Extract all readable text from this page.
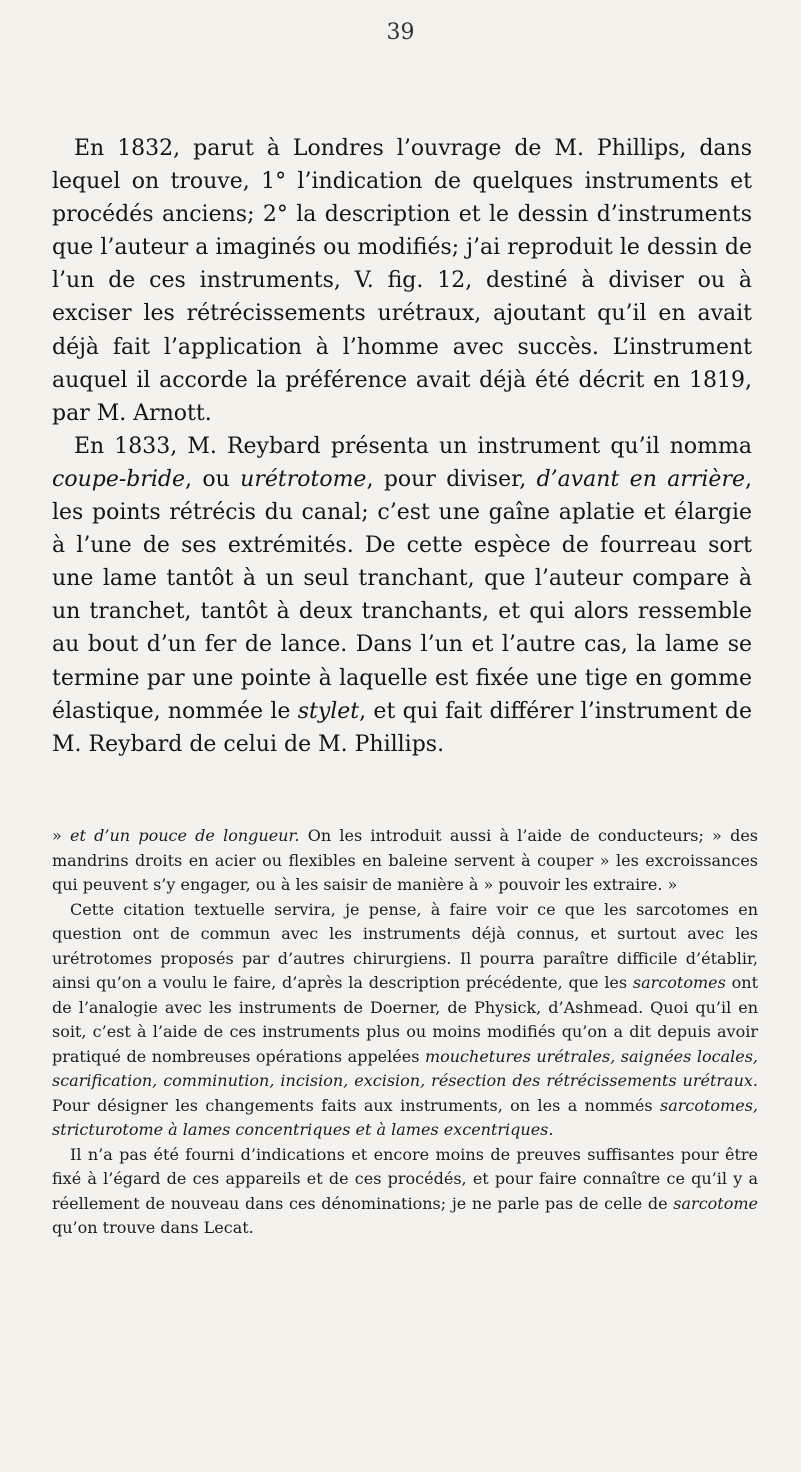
39

En 1832, parut à Londres l’ouvrage de M. Phillips, dans lequel on trouve, 1° l’indication de quelques instruments et procédés anciens; 2° la description et le dessin d’instruments que l’auteur a imaginés ou modifiés; j’ai reproduit le dessin de l’un de ces instruments, V. fig. 12, destiné à diviser ou à exciser les rétrécissements urétraux, ajoutant qu’il en avait déjà fait l’application à l’homme avec succès. L’instrument auquel il accorde la préférence avait déjà été décrit en 1819, par M. Arnott.

En 1833, M. Reybard présenta un instrument qu’il nomma coupe-bride, ou urétrotome, pour diviser, d’avant en arrière, les points rétrécis du canal; c’est une gaîne aplatie et élargie à l’une de ses extrémités. De cette espèce de fourreau sort une lame tantôt à un seul tranchant, que l’auteur compare à un tranchet, tantôt à deux tranchants, et qui alors ressemble au bout d’un fer de lance. Dans l’un et l’autre cas, la lame se termine par une pointe à laquelle est fixée une tige en gomme élastique, nommée le stylet, et qui fait différer l’instrument de M. Reybard de celui de M. Phillips.

» et d’un pouce de longueur. On les introduit aussi à l’aide de conducteurs; » des mandrins droits en acier ou flexibles en baleine servent à couper » les excroissances qui peuvent s’y engager, ou à les saisir de manière à » pouvoir les extraire. »

Cette citation textuelle servira, je pense, à faire voir ce que les sarcotomes en question ont de commun avec les instruments déjà connus, et surtout avec les urétrotomes proposés par d’autres chirurgiens. Il pourra paraître difficile d’établir, ainsi qu’on a voulu le faire, d’après la description précédente, que les sarcotomes ont de l’analogie avec les instruments de Doerner, de Physick, d’Ashmead. Quoi qu’il en soit, c’est à l’aide de ces instruments plus ou moins modifiés qu’on a dit depuis avoir pratiqué de nombreuses opérations appelées mouchetures urétrales, saignées locales, scarification, comminution, incision, excision, résection des rétrécissements urétraux. Pour désigner les changements faits aux instruments, on les a nommés sarcotomes, stricturotome à lames concentriques et à lames excentriques.

Il n’a pas été fourni d’indications et encore moins de preuves suffisantes pour être fixé à l’égard de ces appareils et de ces procédés, et pour faire connaître ce qu’il y a réellement de nouveau dans ces dénominations; je ne parle pas de celle de sarcotome qu’on trouve dans Lecat.
